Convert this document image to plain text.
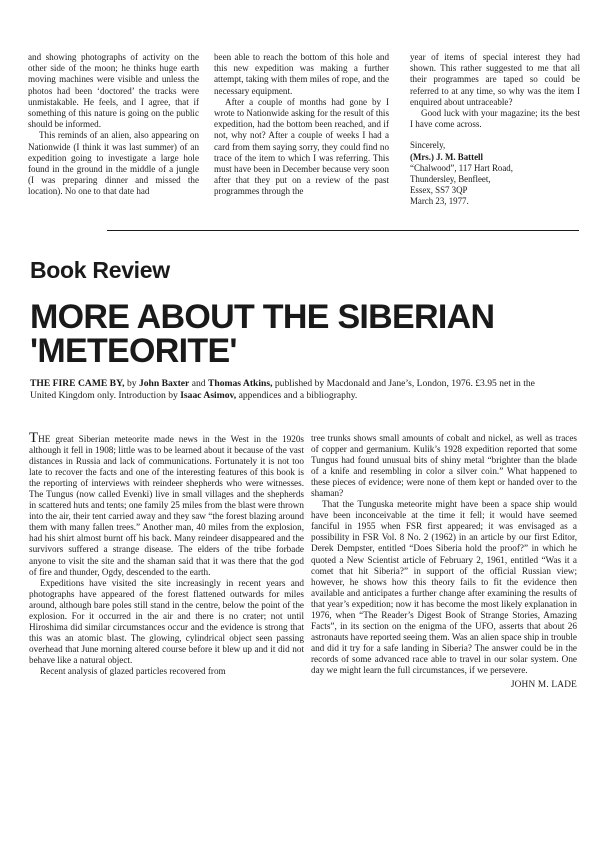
and showing photographs of activity on the other side of the moon; he thinks huge earth moving machines were visible and unless the photos had been ‘doctored’ the tracks were unmistakable. He feels, and I agree, that if something of this nature is going on the public should be informed.

This reminds of an alien, also appearing on Nationwide (I think it was last summer) of an expedition going to investigate a large hole found in the ground in the middle of a jungle (I was preparing dinner and missed the location). No one to that date had

been able to reach the bottom of this hole and this new expedition was making a further attempt, taking with them miles of rope, and the necessary equipment.

After a couple of months had gone by I wrote to Nationwide asking for the result of this expedition, had the bottom been reached, and if not, why not? After a couple of weeks I had a card from them saying sorry, they could find no trace of the item to which I was referring. This must have been in December because very soon after that they put on a review of the past programmes through the

year of items of special interest they had shown. This rather suggested to me that all their programmes are taped so could be referred to at any time, so why was the item I enquired about untraceable?

Good luck with your magazine; its the best I have come across.

Sincerely,
(Mrs.) J. M. Battell
“Chalwood”, 117 Hart Road,
Thundersley, Benfleet,
Essex, SS7 3QP
March 23, 1977.
Book Review
MORE ABOUT THE SIBERIAN
'METEORITE'
THE FIRE CAME BY, by John Baxter and Thomas Atkins, published by Macdonald and Jane’s, London, 1976. £3.95 net in the United Kingdom only. Introduction by Isaac Asimov, appendices and a bibliography.

THE great Siberian meteorite made news in the West in the 1920s although it fell in 1908; little was to be learned about it because of the vast distances in Russia and lack of communications. Fortunately it is not too late to recover the facts and one of the interesting features of this book is the reporting of interviews with reindeer shepherds who were witnesses. The Tungus (now called Evenki) live in small villages and the shepherds in scattered huts and tents; one family 25 miles from the blast were thrown into the air, their tent carried away and they saw “the forest blazing around them with many fallen trees.” Another man, 40 miles from the explosion, had his shirt almost burnt off his back. Many reindeer disappeared and the survivors suffered a strange disease. The elders of the tribe forbade anyone to visit the site and the shaman said that it was there that the god of fire and thunder, Ogdy, descended to the earth.

Expeditions have visited the site increasingly in recent years and photographs have appeared of the forest flattened outwards for miles around, although bare poles still stand in the centre, below the point of the explosion. For it occurred in the air and there is no crater; not until Hiroshima did similar circumstances occur and the evidence is strong that this was an atomic blast. The glowing, cylindrical object seen passing overhead that June morning altered course before it blew up and it did not behave like a natural object.

Recent analysis of glazed particles recovered from

tree trunks shows small amounts of cobalt and nickel, as well as traces of copper and germanium. Kulik’s 1928 expedition reported that some Tungus had found unusual bits of shiny metal “brighter than the blade of a knife and resembling in color a silver coin.” What happened to these pieces of evidence; were none of them kept or handed over to the shaman?

That the Tunguska meteorite might have been a space ship would have been inconceivable at the time it fell; it would have seemed fanciful in 1955 when FSR first appeared; it was envisaged as a possibility in FSR Vol. 8 No. 2 (1962) in an article by our first Editor, Derek Dempster, entitled “Does Siberia hold the proof?” in which he quoted a New Scientist article of February 2, 1961, entitled “Was it a comet that hit Siberia?” in support of the official Russian view; however, he shows how this theory fails to fit the evidence then available and anticipates a further change after examining the results of that year’s expedition; now it has become the most likely explanation in 1976, when “The Reader’s Digest Book of Strange Stories, Amazing Facts”, in its section on the enigma of the UFO, asserts that about 26 astronauts have reported seeing them. Was an alien space ship in trouble and did it try for a safe landing in Siberia? The answer could be in the records of some advanced race able to travel in our solar system. One day we might learn the full circumstances, if we persevere.

JOHN M. LADE
